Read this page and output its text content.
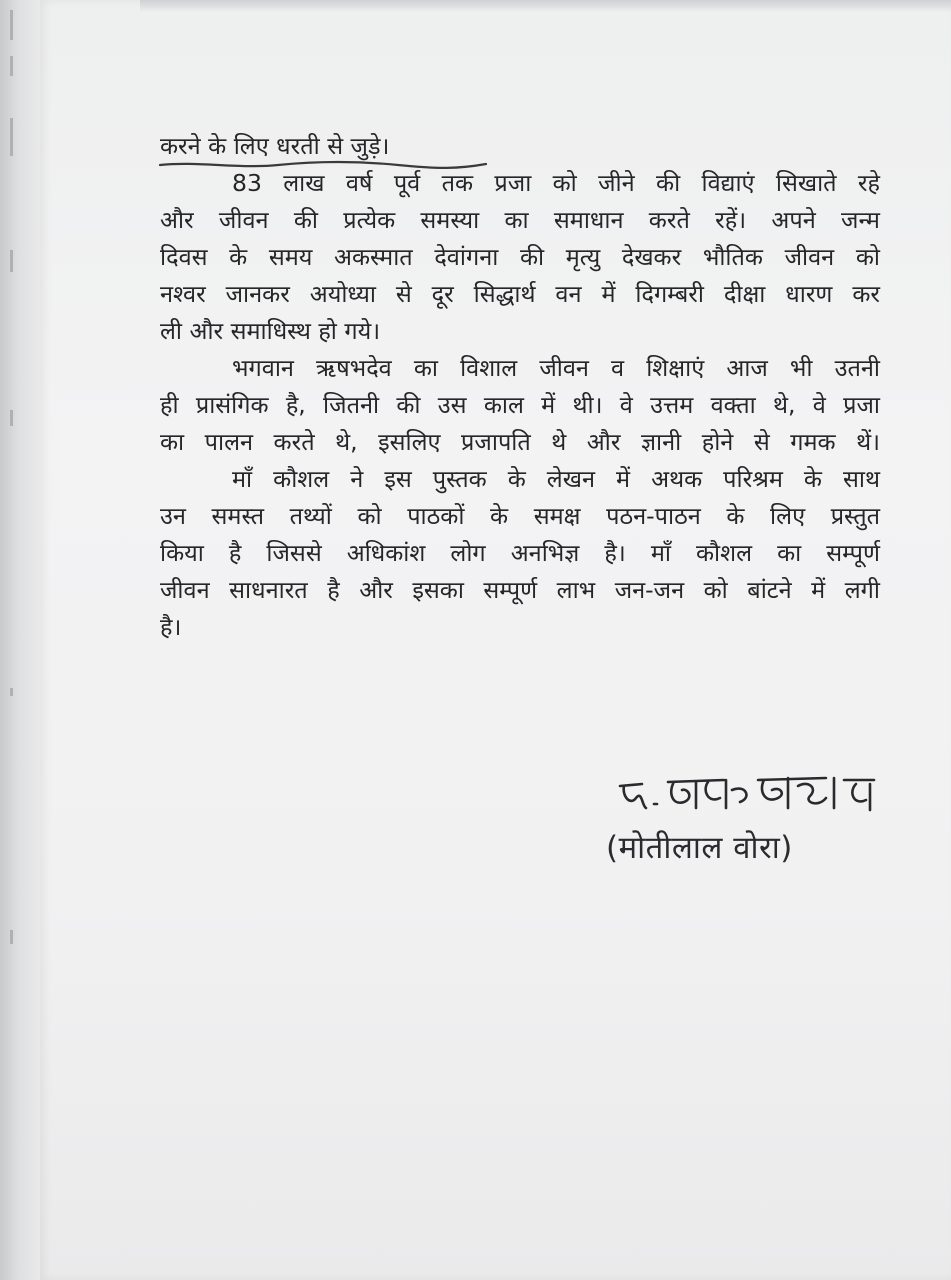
करने के लिए धरती से जुड़े।
83 लाख वर्ष पूर्व तक प्रजा को जीने की विद्याएं सिखाते रहे
और जीवन की प्रत्येक समस्या का समाधान करते रहें। अपने जन्म
दिवस के समय अकस्मात देवांगना की मृत्यु देखकर भौतिक जीवन को
नश्वर जानकर अयोध्या से दूर सिद्धार्थ वन में दिगम्बरी दीक्षा धारण कर
ली और समाधिस्थ हो गये।
भगवान ऋषभदेव का विशाल जीवन व शिक्षाएं आज भी उतनी
ही प्रासंगिक है, जितनी की उस काल में थी। वे उत्तम वक्ता थे, वे प्रजा
का पालन करते थे, इसलिए प्रजापति थे और ज्ञानी होने से गमक थें।
माँ कौशल ने इस पुस्तक के लेखन में अथक परिश्रम के साथ
उन समस्त तथ्यों को पाठकों के समक्ष पठन-पाठन के लिए प्रस्तुत
किया है जिससे अधिकांश लोग अनभिज्ञ है। माँ कौशल का सम्पूर्ण
जीवन साधनारत है और इसका सम्पूर्ण लाभ जन-जन को बांटने में लगी
है।
(मोतीलाल वोरा)
